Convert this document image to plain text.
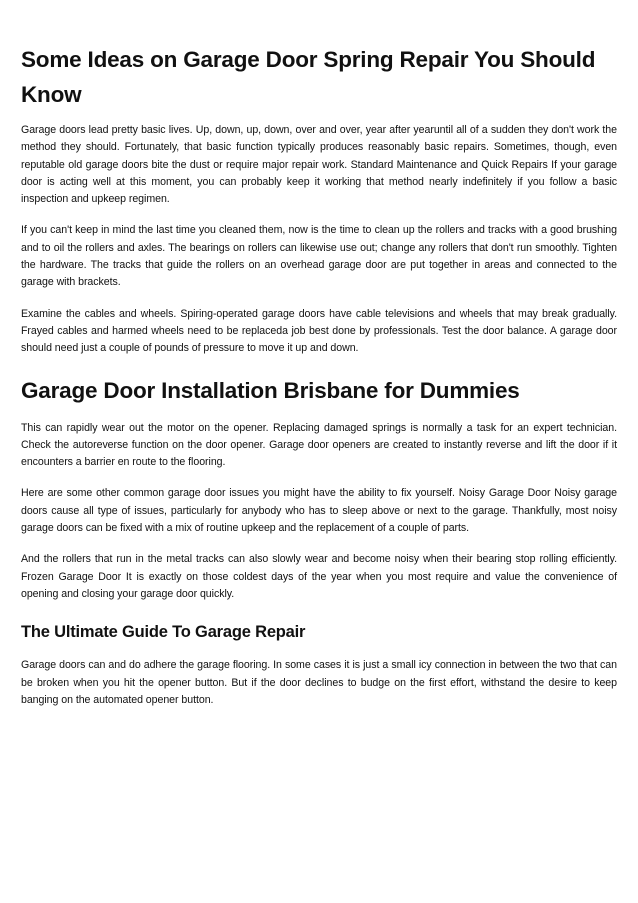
Some Ideas on Garage Door Spring Repair You Should Know

Garage doors lead pretty basic lives. Up, down, up, down, over and over, year after yearuntil all of a sudden they don't work the method they should. Fortunately, that basic function typically produces reasonably basic repairs. Sometimes, though, even reputable old garage doors bite the dust or require major repair work. Standard Maintenance and Quick Repairs If your garage door is acting well at this moment, you can probably keep it working that method nearly indefinitely if you follow a basic inspection and upkeep regimen.

If you can't keep in mind the last time you cleaned them, now is the time to clean up the rollers and tracks with a good brushing and to oil the rollers and axles. The bearings on rollers can likewise use out; change any rollers that don't run smoothly. Tighten the hardware. The tracks that guide the rollers on an overhead garage door are put together in areas and connected to the garage with brackets.

Examine the cables and wheels. Spiring-operated garage doors have cable televisions and wheels that may break gradually. Frayed cables and harmed wheels need to be replaceda job best done by professionals. Test the door balance. A garage door should need just a couple of pounds of pressure to move it up and down.

Garage Door Installation Brisbane for Dummies

This can rapidly wear out the motor on the opener. Replacing damaged springs is normally a task for an expert technician. Check the autoreverse function on the door opener. Garage door openers are created to instantly reverse and lift the door if it encounters a barrier en route to the flooring.

Here are some other common garage door issues you might have the ability to fix yourself. Noisy Garage Door Noisy garage doors cause all type of issues, particularly for anybody who has to sleep above or next to the garage. Thankfully, most noisy garage doors can be fixed with a mix of routine upkeep and the replacement of a couple of parts.

And the rollers that run in the metal tracks can also slowly wear and become noisy when their bearing stop rolling efficiently. Frozen Garage Door It is exactly on those coldest days of the year when you most require and value the convenience of opening and closing your garage door quickly.

The Ultimate Guide To Garage Repair

Garage doors can and do adhere the garage flooring. In some cases it is just a small icy connection in between the two that can be broken when you hit the opener button. But if the door declines to budge on the first effort, withstand the desire to keep banging on the automated opener button.
